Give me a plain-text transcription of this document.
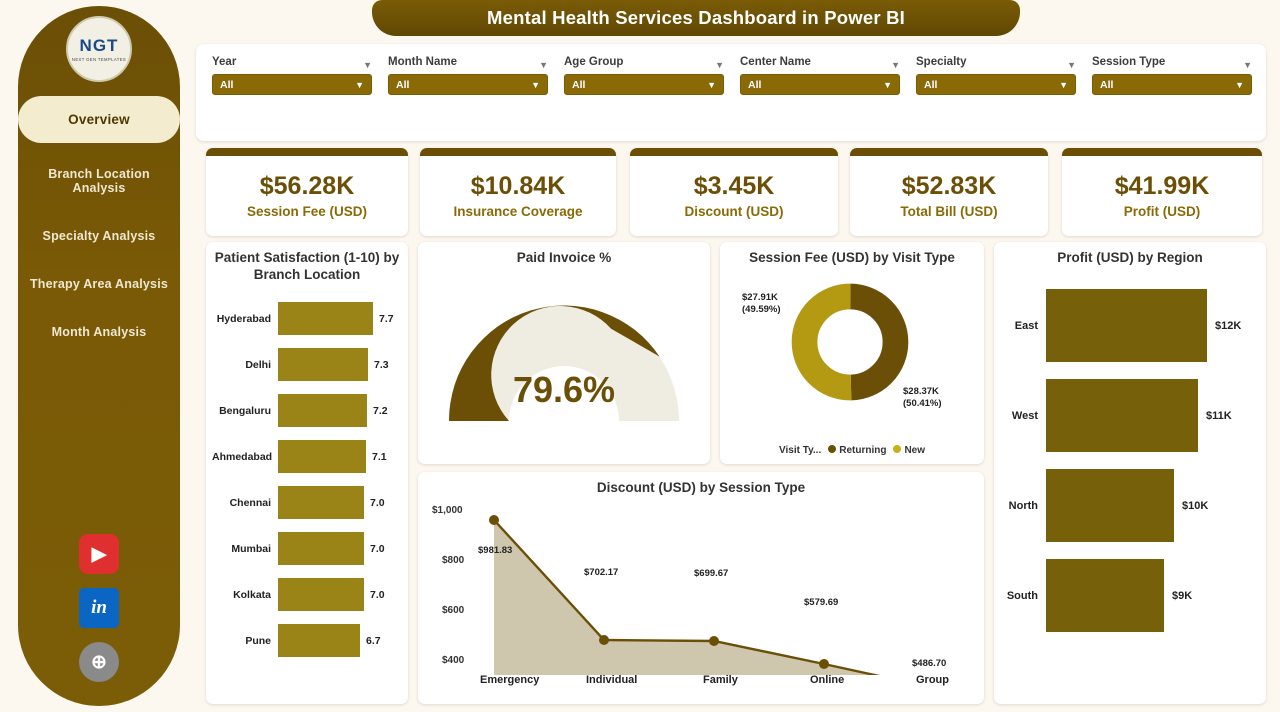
NGT
NEXT GEN TEMPLATES
Overview
Branch Location Analysis
Specialty Analysis
Therapy Area Analysis
Month Analysis
▶
in
⊕
Mental Health Services Dashboard in Power BI
Year	▼
All	▼
Month Name	▼
All	▼
Age Group	▼
All	▼
Center Name	▼
All	▼
Specialty	▼
All	▼
Session Type	▼
All	▼
$56.28K
Session Fee (USD)
$10.84K
Insurance Coverage
$3.45K
Discount (USD)
$52.83K
Total Bill (USD)
$41.99K
Profit (USD)
Patient Satisfaction (1-10) by Branch Location
Hyderabad	7.7
Delhi	7.3
Bengaluru	7.2
Ahmedabad	7.1
Chennai	7.0
Mumbai	7.0
Kolkata	7.0
Pune	6.7
Paid Invoice %
79.6%
Session Fee (USD) by Visit Type
$27.91K
(49.59%)
$28.37K
(50.41%)
Visit Ty...	Returning	New
Profit (USD) by Region
East	$12K
West	$11K
North	$10K
South	$9K
Discount (USD) by Session Type
$1,000
$800
$600
$400
$981.83
$702.17	$699.67
$579.69
$486.70
Emergency	Individual	Family	Online	Group
